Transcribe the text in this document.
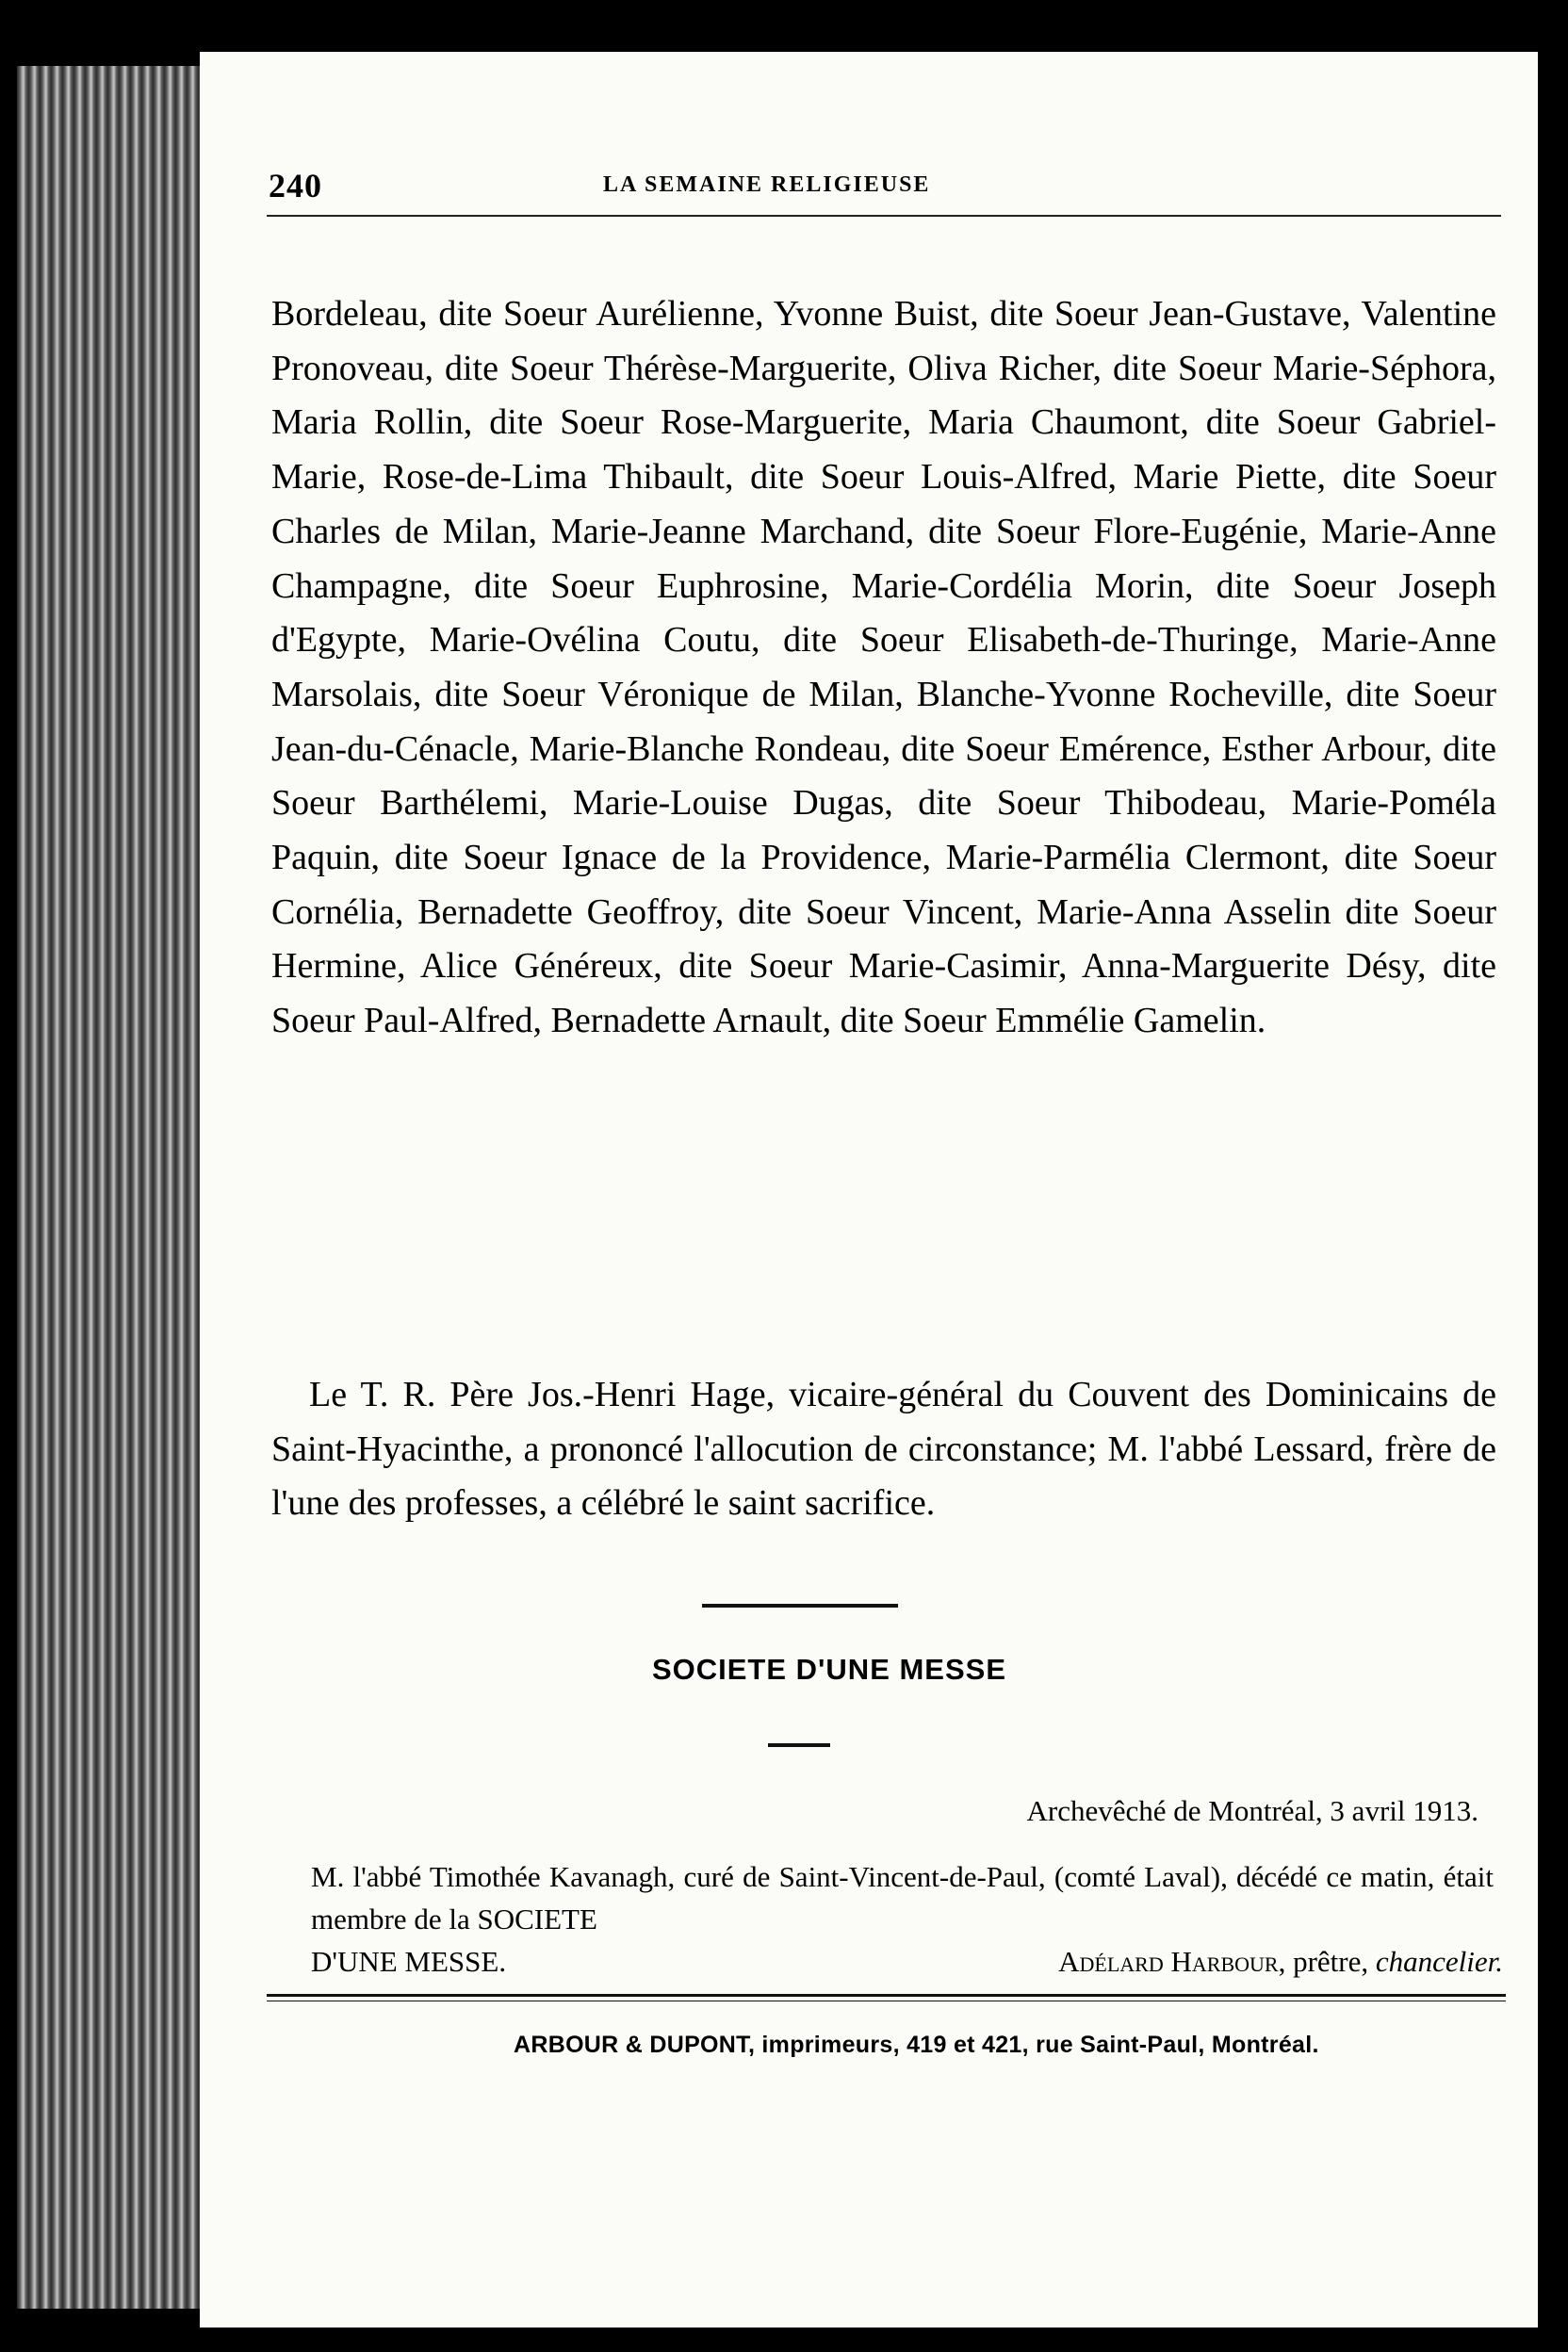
240	LA SEMAINE RELIGIEUSE

Bordeleau, dite Soeur Aurélienne, Yvonne Buist, dite Soeur Jean-Gustave, Valentine Pronoveau, dite Soeur Thérèse-Marguerite, Oliva Richer, dite Soeur Marie-Séphora, Maria Rollin, dite Soeur Rose-Marguerite, Maria Chaumont, dite Soeur Gabriel-Marie, Rose-de-Lima Thibault, dite Soeur Louis-Alfred, Marie Piette, dite Soeur Charles de Milan, Marie-Jeanne Marchand, dite Soeur Flore-Eugénie, Marie-Anne Champagne, dite Soeur Euphrosine, Marie-Cordélia Morin, dite Soeur Joseph d'Egypte, Marie-Ovélina Coutu, dite Soeur Elisabeth-de-Thuringe, Marie-Anne Marsolais, dite Soeur Véronique de Milan, Blanche-Yvonne Rocheville, dite Soeur Jean-du-Cénacle, Marie-Blanche Rondeau, dite Soeur Emérence, Esther Arbour, dite Soeur Barthélemi, Marie-Louise Dugas, dite Soeur Thibodeau, Marie-Poméla Paquin, dite Soeur Ignace de la Providence, Marie-Parmélia Clermont, dite Soeur Cornélia, Bernadette Geoffroy, dite Soeur Vincent, Marie-Anna Asselin dite Soeur Hermine, Alice Généreux, dite Soeur Marie-Casimir, Anna-Marguerite Désy, dite Soeur Paul-Alfred, Bernadette Arnault, dite Soeur Emmélie Gamelin.

Le T. R. Père Jos.-Henri Hage, vicaire-général du Couvent des Dominicains de Saint-Hyacinthe, a prononcé l'allocution de circonstance; M. l'abbé Lessard, frère de l'une des professes, a célébré le saint sacrifice.

SOCIETE D'UNE MESSE
Archevêché de Montréal, 3 avril 1913.

M. l'abbé Timothée Kavanagh, curé de Saint-Vincent-de-Paul, (comté Laval), décédé ce matin, était membre de la SOCIETE

D'UNE MESSE.	Adélard Harbour, prêtre, chancelier.
ARBOUR & DUPONT, imprimeurs, 419 et 421, rue Saint-Paul, Montréal.
